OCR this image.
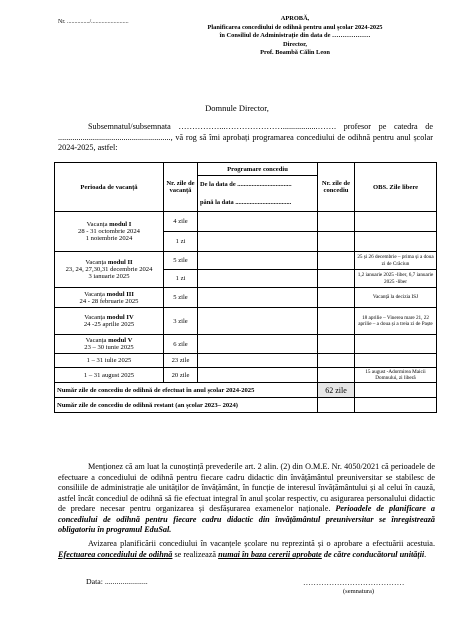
Nr. .............../.........................	APROBĂ,
Planificarea concediului de odihnă pentru anul școlar 2024-2025
în Consiliul de Administrație din data de ………………
Director,
Prof. Boambă Călin Leon
Domnule Director,
Subsemnatul/subsemnata ……………...………………….................……. profesor pe catedra de ......................................................., vă rog să îmi aprobați programarea concediului de odihnă pentru anul școlar 2024-2025, astfel:
Perioada de vacanță	Nr. zile de vacanță	Programare concediu	Nr. zile de concediu	OBS. Zile libere
		De la data de ..................................		
		până la data ...................................		
Vacanța modul I
28 - 31 octombrie 2024
1 noiembrie 2024	4 zile			
	1 zi			
Vacanța modul II
23, 24, 27,30,31 decembrie 2024
3 ianuarie 2025	5 zile			25 și 26 decembrie – prima și a doua zi de Crăciun
	1 zi			1,2 ianuarie 2025 -liber, 6,7 ianuarie 2025 -liber
Vacanța modul III
24 - 28 februarie 2025	5 zile			Vacanță la decizia ISJ
Vacanța modul IV
24 -25 aprilie 2025	3 zile			18 aprilie – Vinerea mare 21, 22 aprilie – a doua și a treia zi de Paște
Vacanța modul V
23 – 30 iunie 2025	6 zile			
1 – 31 iulie 2025	23 zile			
1 – 31 august 2025	20 zile			15 august -Adormirea Maicii Domnului, zi liberă
Număr zile de concediu de odihnă de efectuat în anul școlar 2024-2025			62 zile	
Număr zile de concediu de odihnă restant (an școlar 2023– 2024)				
Menționez că am luat la cunoștință prevederile art. 2 alin. (2) din O.M.E. Nr. 4050/2021 că perioadele de efectuare a concediului de odihnă pentru fiecare cadru didactic din învățământul preuniversitar se stabilesc de consiliile de administrație ale unităților de învățământ, în funcție de interesul învățământului și al celui în cauză, astfel încât concediul de odihnă să fie efectuat integral în anul școlar respectiv, cu asigurarea personalului didactic de predare necesar pentru organizarea și desfășurarea examenelor naționale. Perioadele de planificare a concediului de odihnă pentru fiecare cadru didactic din învățământul preuniversitar se înregistrează obligatoriu în programul EduSal.
Avizarea planificării concediului în vacanțele școlare nu reprezintă și o aprobare a efectuării acestuia. Efectuarea concediului de odihnă se realizează numai în baza cererii aprobate de către conducătorul unității.
Data: ......................	…………………………………
(semnatura)
